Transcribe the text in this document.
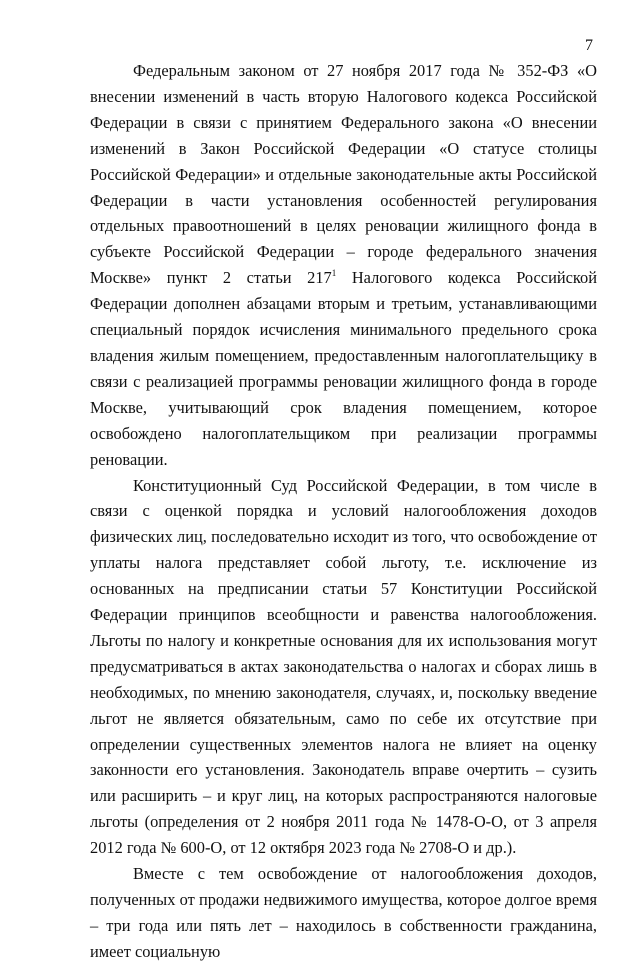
7

Федеральным законом от 27 ноября 2017 года № 352-ФЗ «О внесении изменений в часть вторую Налогового кодекса Российской Федерации в связи с принятием Федерального закона «О внесении изменений в Закон Российской Федерации «О статусе столицы Российской Федерации» и отдельные законодательные акты Российской Федерации в части установления особенностей регулирования отдельных правоотношений в целях реновации жилищного фонда в субъекте Российской Федерации – городе федерального значения Москве» пункт 2 статьи $217^1$ Налогового кодекса Российской Федерации дополнен абзацами вторым и третьим, устанавливающими специальный порядок исчисления минимального предельного срока владения жилым помещением, предоставленным налогоплательщику в связи с реализацией программы реновации жилищного фонда в городе Москве, учитывающий срок владения помещением, которое освобождено налогоплательщиком при реализации программы реновации.

Конституционный Суд Российской Федерации, в том числе в связи с оценкой порядка и условий налогообложения доходов физических лиц, последовательно исходит из того, что освобождение от уплаты налога представляет собой льготу, т.е. исключение из основанных на предписании статьи 57 Конституции Российской Федерации принципов всеобщности и равенства налогообложения. Льготы по налогу и конкретные основания для их использования могут предусматриваться в актах законодательства о налогах и сборах лишь в необходимых, по мнению законодателя, случаях, и, поскольку введение льгот не является обязательным, само по себе их отсутствие при определении существенных элементов налога не влияет на оценку законности его установления. Законодатель вправе очертить – сузить или расширить – и круг лиц, на которых распространяются налоговые льготы (определения от 2 ноября 2011 года № 1478-О-О, от 3 апреля 2012 года № 600-О, от 12 октября 2023 года № 2708-О и др.).

Вместе с тем освобождение от налогообложения доходов, полученных от продажи недвижимого имущества, которое долгое время – три года или пять лет – находилось в собственности гражданина, имеет социальную
